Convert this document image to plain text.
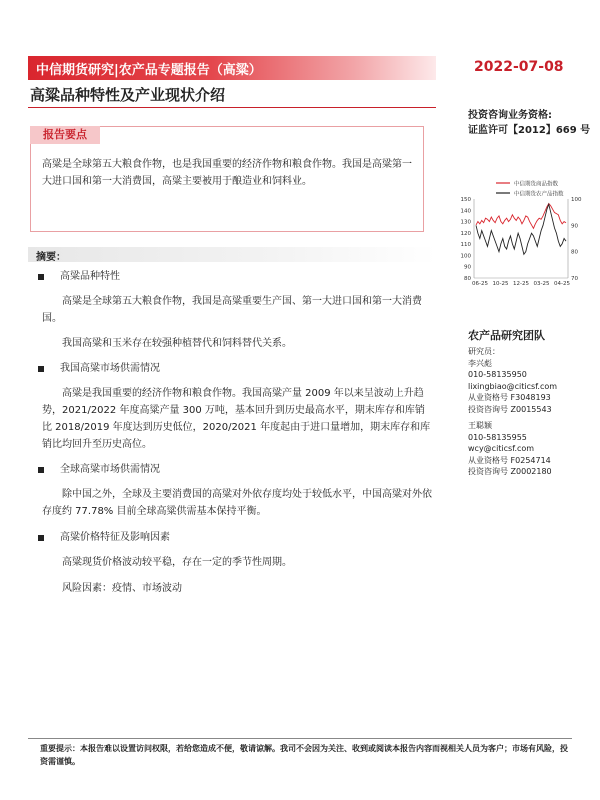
中信期货研究|农产品专题报告（高粱）	2022-07-08
高粱品种特性及产业现状介绍
报告要点
高粱是全球第五大粮食作物，也是我国重要的经济作物和粮食作物。我国是高粱第一大进口国和第一大消费国，高粱主要被用于酿造业和饲料业。
摘要：
高粱品种特性
高粱是全球第五大粮食作物，我国是高粱重要生产国、第一大进口国和第一大消费国。
我国高粱和玉米存在较强种植替代和饲料替代关系。
我国高粱市场供需情况
高粱是我国重要的经济作物和粮食作物。我国高粱产量 2009 年以来呈波动上升趋势，2021/2022 年度高粱产量 300 万吨，基本回升到历史最高水平，期末库存和库销比 2018/2019 年度达到历史低位，2020/2021 年度起由于进口量增加，期末库存和库销比均回升至历史高位。
全球高粱市场供需情况
除中国之外，全球及主要消费国的高粱对外依存度均处于较低水平，中国高粱对外依存度约 77.78% 目前全球高粱供需基本保持平衡。
高粱价格特征及影响因素
高粱现货价格波动较平稳，存在一定的季节性周期。
风险因素：疫情、市场波动
投资咨询业务资格:
证监许可【2012】669 号
中信期货商品指数
中信期货农产品指数
80
90
100
110
120
130
140
150
70
80
90
100
06-25 10-25 12-25 03-25 04-25
农产品研究团队
研究员：
李兴彪
010-58135950
lixingbiao@citicsf.com
从业资格号 F3048193
投资咨询号 Z0015543
王聪颖
010-58135955
wcy@citicsf.com
从业资格号 F0254714
投资咨询号 Z0002180
重要提示：本报告难以设置访问权限，若给您造成不便，敬请谅解。我司不会因为关注、收到或阅读本报告内容而视相关人员为客户；市场有风险，投资需谨慎。
